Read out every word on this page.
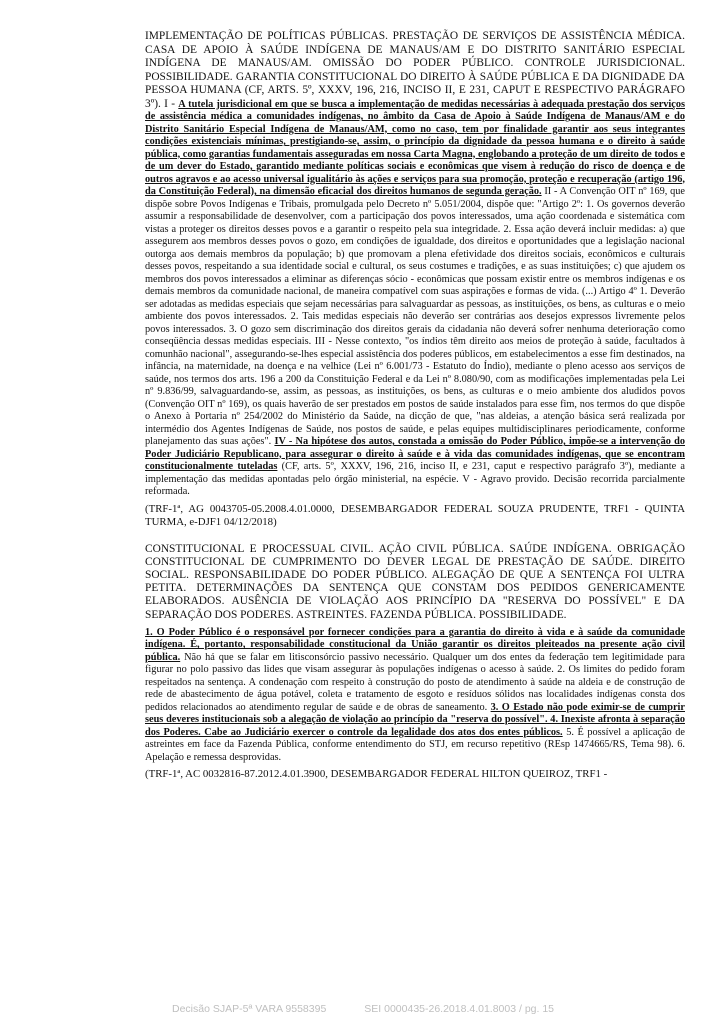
IMPLEMENTAÇÃO DE POLÍTICAS PÚBLICAS. PRESTAÇÃO DE SERVIÇOS DE ASSISTÊNCIA MÉDICA. CASA DE APOIO À SAÚDE INDÍGENA DE MANAUS/AM E DO DISTRITO SANITÁRIO ESPECIAL INDÍGENA DE MANAUS/AM. OMISSÃO DO PODER PÚBLICO. CONTROLE JURISDICIONAL. POSSIBILIDADE. GARANTIA CONSTITUCIONAL DO DIREITO À SAÚDE PÚBLICA E DA DIGNIDADE DA PESSOA HUMANA (CF, ARTS. 5º, XXXV, 196, 216, INCISO II, E 231, CAPUT E RESPECTIVO PARÁGRAFO 3º). I - A tutela jurisdicional em que se busca a implementação de medidas necessárias à adequada prestação dos serviços de assistência médica a comunidades indígenas, no âmbito da Casa de Apoio à Saúde Indígena de Manaus/AM e do Distrito Sanitário Especial Indígena de Manaus/AM, como no caso, tem por finalidade garantir aos seus integrantes condições existenciais mínimas, prestigiando-se, assim, o princípio da dignidade da pessoa humana e o direito à saúde pública, como garantias fundamentais asseguradas em nossa Carta Magna, englobando a proteção de um direito de todos e de um dever do Estado, garantido mediante políticas sociais e econômicas que visem à redução do risco de doença e de outros agravos e ao acesso universal igualitário às ações e serviços para sua promoção, proteção e recuperação (artigo 196, da Constituição Federal), na dimensão eficacial dos direitos humanos de segunda geração. II - A Convenção OIT nº 169, que dispõe sobre Povos Indígenas e Tribais, promulgada pelo Decreto nº 5.051/2004, dispõe que: "Artigo 2º: 1. Os governos deverão assumir a responsabilidade de desenvolver, com a participação dos povos interessados, uma ação coordenada e sistemática com vistas a proteger os direitos desses povos e a garantir o respeito pela sua integridade. 2. Essa ação deverá incluir medidas: a) que assegurem aos membros desses povos o gozo, em condições de igualdade, dos direitos e oportunidades que a legislação nacional outorga aos demais membros da população; b) que promovam a plena efetividade dos direitos sociais, econômicos e culturais desses povos, respeitando a sua identidade social e cultural, os seus costumes e tradições, e as suas instituições; c) que ajudem os membros dos povos interessados a eliminar as diferenças sócio - econômicas que possam existir entre os membros indígenas e os demais membros da comunidade nacional, de maneira compatível com suas aspirações e formas de vida. (...) Artigo 4º 1. Deverão ser adotadas as medidas especiais que sejam necessárias para salvaguardar as pessoas, as instituições, os bens, as culturas e o meio ambiente dos povos interessados. 2. Tais medidas especiais não deverão ser contrárias aos desejos expressos livremente pelos povos interessados. 3. O gozo sem discriminação dos direitos gerais da cidadania não deverá sofrer nenhuma deterioração como conseqüência dessas medidas especiais. III - Nesse contexto, "os índios têm direito aos meios de proteção à saúde, facultados à comunhão nacional", assegurando-se-lhes especial assistência dos poderes públicos, em estabelecimentos a esse fim destinados, na infância, na maternidade, na doença e na velhice (Lei nº 6.001/73 - Estatuto do Índio), mediante o pleno acesso aos serviços de saúde, nos termos dos arts. 196 a 200 da Constituição Federal e da Lei nº 8.080/90, com as modificações implementadas pela Lei nº 9.836/99, salvaguardando-se, assim, as pessoas, as instituições, os bens, as culturas e o meio ambiente dos aludidos povos (Convenção OIT nº 169), os quais haverão de ser prestados em postos de saúde instalados para esse fim, nos termos do que dispõe o Anexo à Portaria nº 254/2002 do Ministério da Saúde, na dicção de que, "nas aldeias, a atenção básica será realizada por intermédio dos Agentes Indígenas de Saúde, nos postos de saúde, e pelas equipes multidisciplinares periodicamente, conforme planejamento das suas ações". IV - Na hipótese dos autos, constada a omissão do Poder Público, impõe-se a intervenção do Poder Judiciário Republicano, para assegurar o direito à saúde e à vida das comunidades indígenas, que se encontram constitucionalmente tuteladas (CF, arts. 5º, XXXV, 196, 216, inciso II, e 231, caput e respectivo parágrafo 3º), mediante a implementação das medidas apontadas pelo órgão ministerial, na espécie. V - Agravo provido. Decisão recorrida parcialmente reformada.

(TRF-1ª, AG 0043705-05.2008.4.01.0000, DESEMBARGADOR FEDERAL SOUZA PRUDENTE, TRF1 - QUINTA TURMA, e-DJF1 04/12/2018)

CONSTITUCIONAL E PROCESSUAL CIVIL. AÇÃO CIVIL PÚBLICA. SAÚDE INDÍGENA. OBRIGAÇÃO CONSTITUCIONAL DE CUMPRIMENTO DO DEVER LEGAL DE PRESTAÇÃO DE SAÚDE. DIREITO SOCIAL. RESPONSABILIDADE DO PODER PÚBLICO. ALEGAÇÃO DE QUE A SENTENÇA FOI ULTRA PETITA. DETERMINAÇÕES DA SENTENÇA QUE CONSTAM DOS PEDIDOS GENERICAMENTE ELABORADOS. AUSÊNCIA DE VIOLAÇÃO AOS PRINCÍPIO DA "RESERVA DO POSSÍVEL" E DA SEPARAÇÃO DOS PODERES. ASTREINTES. FAZENDA PÚBLICA. POSSIBILIDADE.

1. O Poder Público é o responsável por fornecer condições para a garantia do direito à vida e à saúde da comunidade indígena. É, portanto, responsabilidade constitucional da União garantir os direitos pleiteados na presente ação civil pública. Não há que se falar em litisconsórcio passivo necessário. Qualquer um dos entes da federação tem legitimidade para figurar no polo passivo das lides que visam assegurar às populações indígenas o acesso à saúde. 2. Os limites do pedido foram respeitados na sentença. A condenação com respeito à construção do posto de atendimento à saúde na aldeia e de construção de rede de abastecimento de água potável, coleta e tratamento de esgoto e resíduos sólidos nas localidades indígenas consta dos pedidos relacionados ao atendimento regular de saúde e de obras de saneamento. 3. O Estado não pode eximir-se de cumprir seus deveres institucionais sob a alegação de violação ao princípio da "reserva do possível". 4. Inexiste afronta à separação dos Poderes. Cabe ao Judiciário exercer o controle da legalidade dos atos dos entes públicos. 5. É possível a aplicação de astreintes em face da Fazenda Pública, conforme entendimento do STJ, em recurso repetitivo (REsp 1474665/RS, Tema 98). 6. Apelação e remessa desprovidas.

(TRF-1ª, AC 0032816-87.2012.4.01.3900, DESEMBARGADOR FEDERAL HILTON QUEIROZ, TRF1 -

Decisão SJAP-5ª VARA 9558395	SEI 0000435-26.2018.4.01.8003 / pg. 15
